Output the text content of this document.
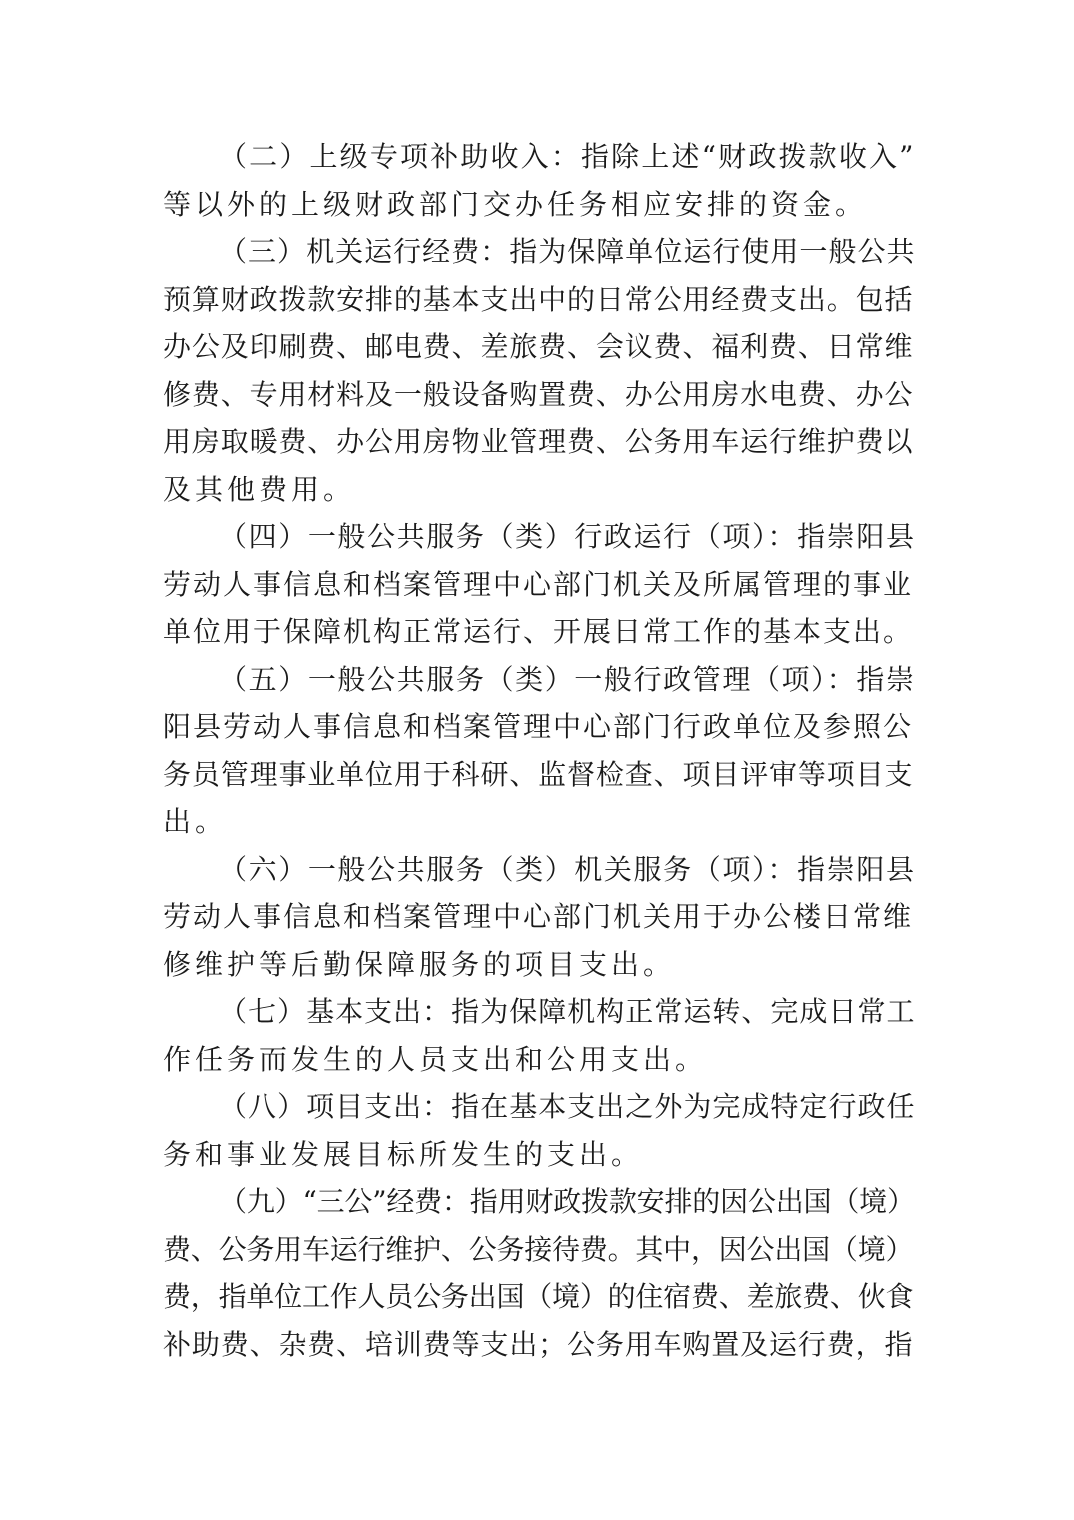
（二）上级专项补助收入：指除上述“财政拨款收入”
等以外的上级财政部门交办任务相应安排的资金。

（三）机关运行经费：指为保障单位运行使用一般公共
预算财政拨款安排的基本支出中的日常公用经费支出。包括
办公及印刷费、邮电费、差旅费、会议费、福利费、日常维
修费、专用材料及一般设备购置费、办公用房水电费、办公
用房取暖费、办公用房物业管理费、公务用车运行维护费以
及其他费用。

（四）一般公共服务（类）行政运行（项）：指崇阳县
劳动人事信息和档案管理中心部门机关及所属管理的事业
单位用于保障机构正常运行、开展日常工作的基本支出。

（五）一般公共服务（类）一般行政管理（项）：指崇
阳县劳动人事信息和档案管理中心部门行政单位及参照公
务员管理事业单位用于科研、监督检查、项目评审等项目支
出。

（六）一般公共服务（类）机关服务（项）：指崇阳县
劳动人事信息和档案管理中心部门机关用于办公楼日常维
修维护等后勤保障服务的项目支出。

（七）基本支出：指为保障机构正常运转、完成日常工
作任务而发生的人员支出和公用支出。

（八）项目支出：指在基本支出之外为完成特定行政任
务和事业发展目标所发生的支出。

（九）“三公”经费：指用财政拨款安排的因公出国（境）
费、公务用车运行维护、公务接待费。其中，因公出国（境）
费，指单位工作人员公务出国（境）的住宿费、差旅费、伙食
补助费、杂费、培训费等支出；公务用车购置及运行费，指
